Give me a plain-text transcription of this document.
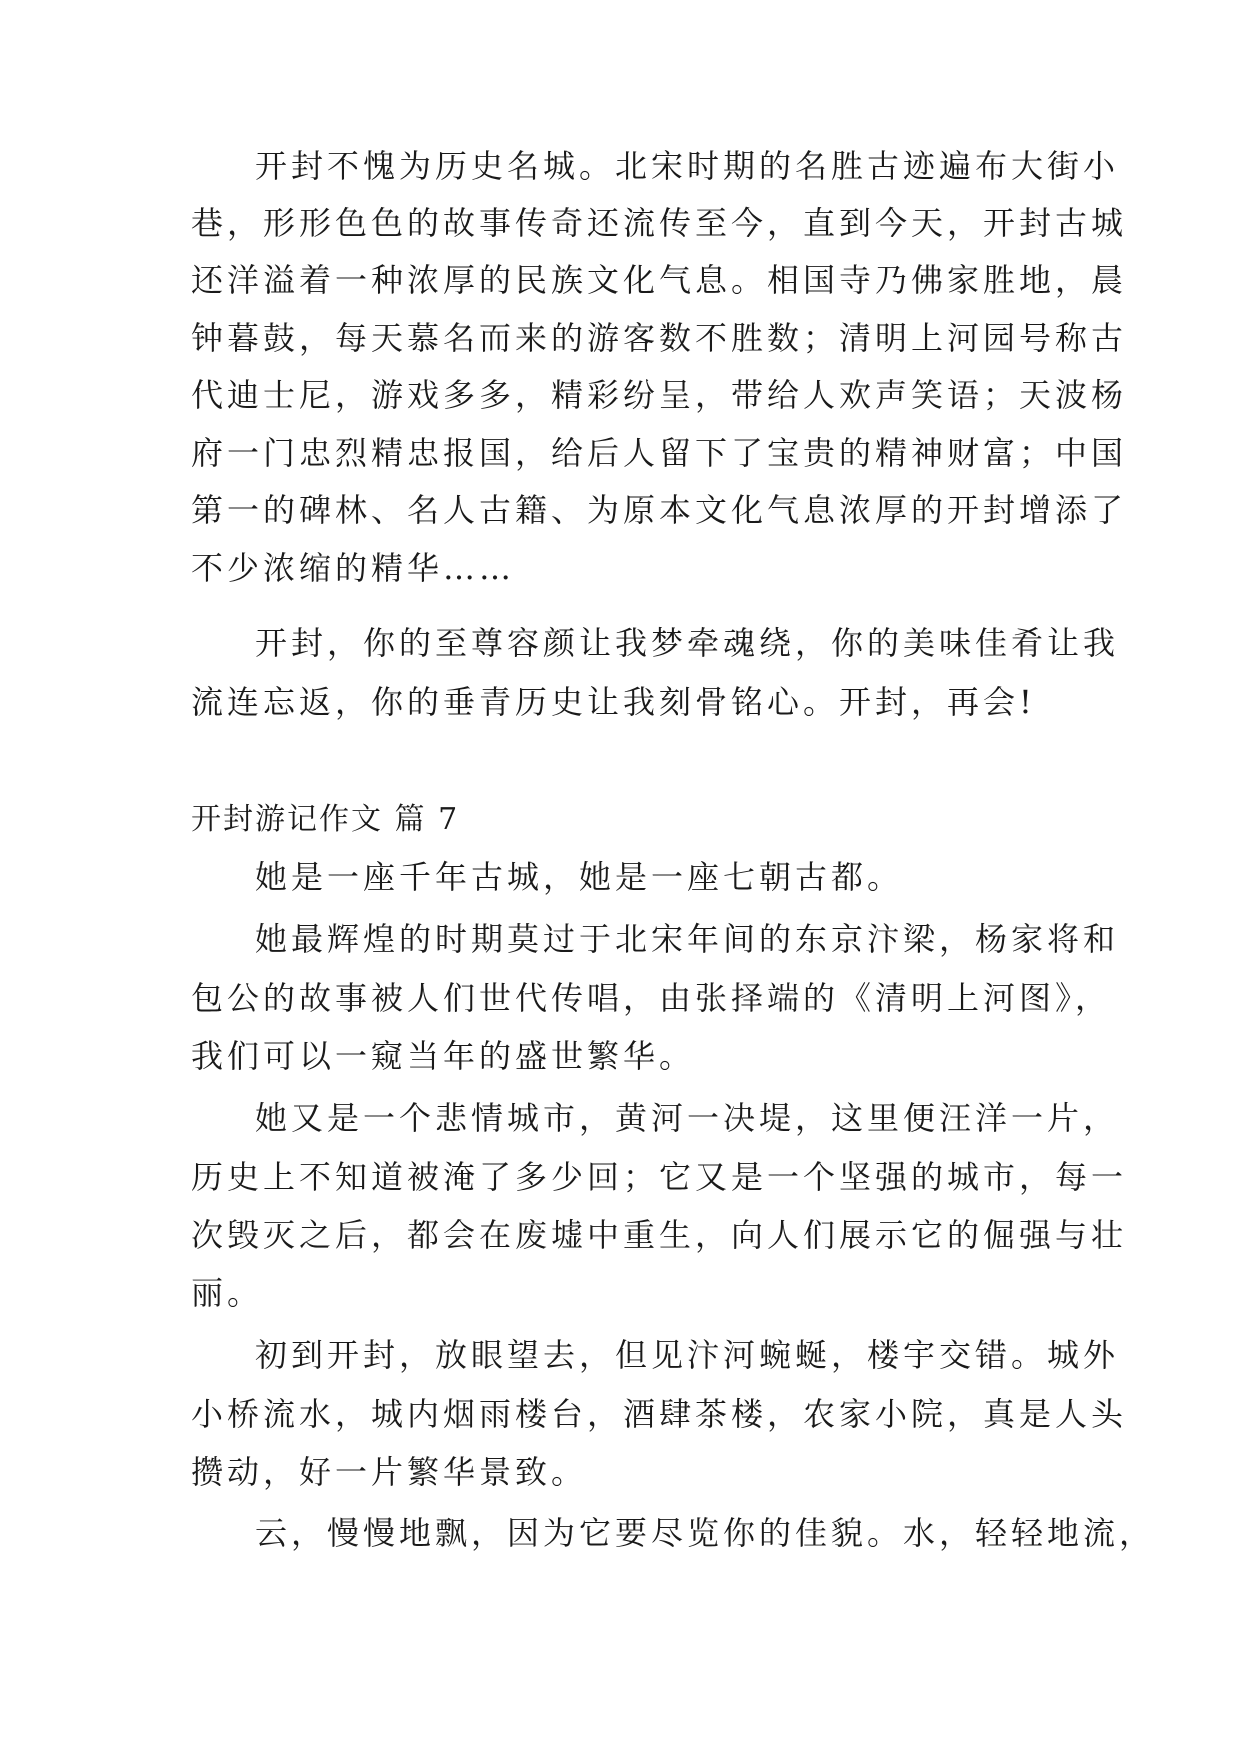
开封不愧为历史名城。北宋时期的名胜古迹遍布大街小
巷，形形色色的故事传奇还流传至今，直到今天，开封古城
还洋溢着一种浓厚的民族文化气息。相国寺乃佛家胜地，晨
钟暮鼓，每天慕名而来的游客数不胜数；清明上河园号称古
代迪士尼，游戏多多，精彩纷呈，带给人欢声笑语；天波杨
府一门忠烈精忠报国，给后人留下了宝贵的精神财富；中国
第一的碑林、名人古籍、为原本文化气息浓厚的开封增添了
不少浓缩的精华……
开封，你的至尊容颜让我梦牵魂绕，你的美味佳肴让我
流连忘返，你的垂青历史让我刻骨铭心。开封，再会!
开封游记作文 篇 7
她是一座千年古城，她是一座七朝古都。
她最辉煌的时期莫过于北宋年间的东京汴梁，杨家将和
包公的故事被人们世代传唱，由张择端的《清明上河图》，
我们可以一窥当年的盛世繁华。
她又是一个悲情城市，黄河一决堤，这里便汪洋一片，
历史上不知道被淹了多少回；它又是一个坚强的城市，每一
次毁灭之后，都会在废墟中重生，向人们展示它的倔强与壮
丽。
初到开封，放眼望去，但见汴河蜿蜒，楼宇交错。城外
小桥流水，城内烟雨楼台，酒肆茶楼，农家小院，真是人头
攒动，好一片繁华景致。
云，慢慢地飘，因为它要尽览你的佳貌。水，轻轻地流，
